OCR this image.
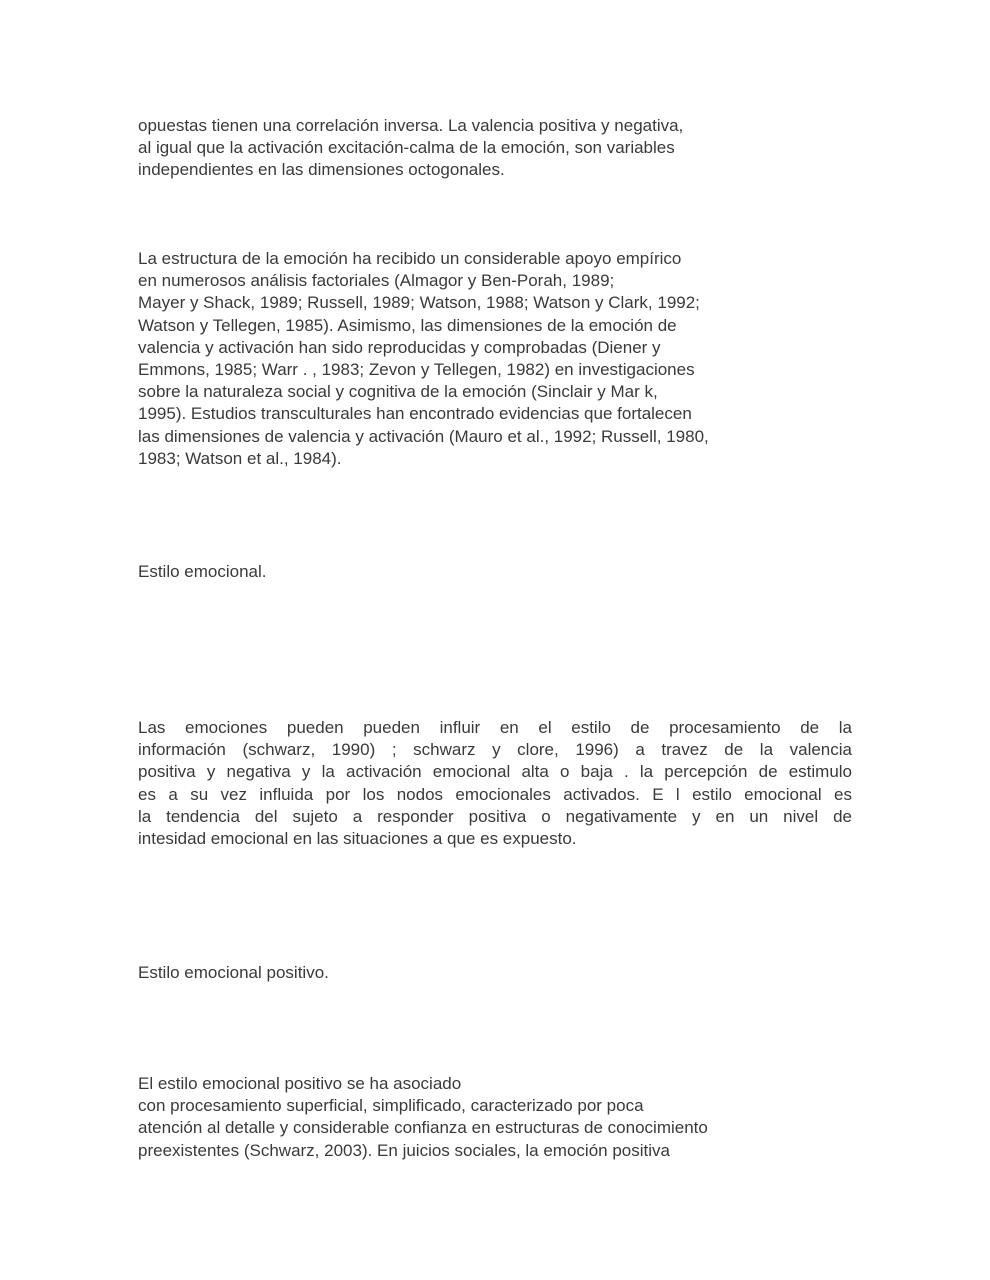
opuestas tienen una correlación inversa. La valencia positiva y negativa,
al igual que la activación excitación-calma de la emoción, son variables
independientes en las dimensiones octogonales.
La estructura de la emoción ha recibido un considerable apoyo empírico
en numerosos análisis factoriales (Almagor y Ben-Porah, 1989;
Mayer y Shack, 1989; Russell, 1989; Watson, 1988; Watson y Clark, 1992;
Watson y Tellegen, 1985). Asimismo, las dimensiones de la emoción de
valencia y activación han sido reproducidas y comprobadas (Diener y
Emmons, 1985; Warr . , 1983; Zevon y Tellegen, 1982) en investigaciones
sobre la naturaleza social y cognitiva de la emoción (Sinclair y Mar k,
1995). Estudios transculturales han encontrado evidencias que fortalecen
las dimensiones de valencia y activación (Mauro et al., 1992; Russell, 1980,
1983; Watson et al., 1984).
Estilo emocional.
Las emociones pueden pueden influir en el estilo de procesamiento de la
información (schwarz, 1990) ; schwarz y clore, 1996) a travez de la valencia
positiva y negativa y la activación emocional alta o baja . la percepción de estimulo
es a su vez influida por los nodos emocionales activados. E l estilo emocional es
la tendencia del sujeto a responder positiva o negativamente y en un nivel de
intesidad emocional en las situaciones a que es expuesto.
Estilo emocional positivo.
El estilo emocional positivo se ha asociado
con procesamiento superficial, simplificado, caracterizado por poca
atención al detalle y considerable confianza en estructuras de conocimiento
preexistentes (Schwarz, 2003). En juicios sociales, la emoción positiva
